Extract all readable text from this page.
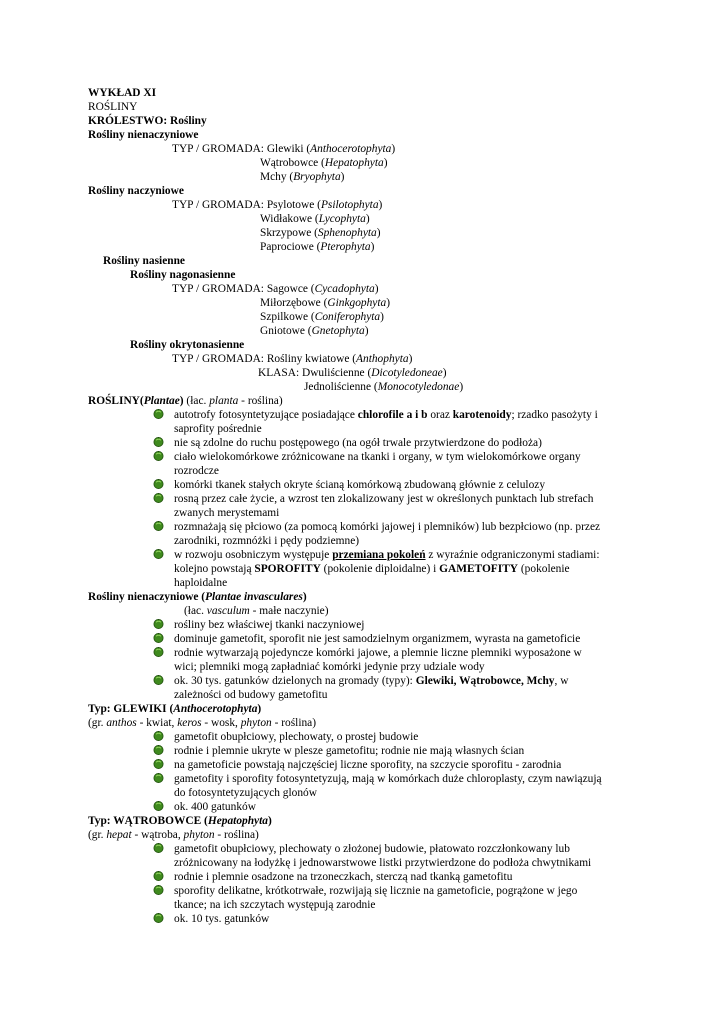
WYKŁAD XI
ROŚLINY
KRÓLESTWO: Rośliny
Rośliny nienaczyniowe
TYP / GROMADA: Glewiki (Anthocerotophyta)
Wątrobowce (Hepatophyta)
Mchy (Bryophyta)
Rośliny naczyniowe
TYP / GROMADA: Psylotowe (Psilotophyta)
Widłakowe (Lycophyta)
Skrzypowe (Sphenophyta)
Paprociowe (Pterophyta)
Rośliny nasienne
Rośliny nagonasienne
TYP / GROMADA: Sagowce (Cycadophyta)
Miłorzębowe (Ginkgophyta)
Szpilkowe (Coniferophyta)
Gniotowe (Gnetophyta)
Rośliny okrytonasienne
TYP / GROMADA: Rośliny kwiatowe (Anthophyta)
KLASA: Dwuliścienne (Dicotyledoneae)
Jednoliścienne (Monocotyledonae)
ROŚLINY(Plantae) (łac. planta - roślina)
autotrofy fotosyntetyzujące posiadające chlorofile a i b oraz karotenoidy; rzadko pasożyty i
saprofity pośrednie
nie są zdolne do ruchu postępowego (na ogół trwale przytwierdzone do podłoża)
ciało wielokomórkowe zróżnicowane na tkanki i organy, w tym wielokomórkowe organy
rozrodcze
komórki tkanek stałych okryte ścianą komórkową zbudowaną głównie z celulozy
rosną przez całe życie, a wzrost ten zlokalizowany jest w określonych punktach lub strefach
zwanych merystemami
rozmnażają się płciowo (za pomocą komórki jajowej i plemników) lub bezpłciowo (np. przez
zarodniki, rozmnóżki i pędy podziemne)
w rozwoju osobniczym występuje przemiana pokoleń z wyraźnie odgraniczonymi stadiami:
kolejno powstają SPOROFITY (pokolenie diploidalne) i GAMETOFITY (pokolenie
haploidalne
Rośliny nienaczyniowe (Plantae invasculares)
(łac. vasculum - małe naczynie)
rośliny bez właściwej tkanki naczyniowej
dominuje gametofit, sporofit nie jest samodzielnym organizmem, wyrasta na gametoficie
rodnie wytwarzają pojedyncze komórki jajowe, a plemnie liczne plemniki wyposażone w
wici; plemniki mogą zapładniać komórki jedynie przy udziale wody
ok. 30 tys. gatunków dzielonych na gromady (typy): Glewiki, Wątrobowce, Mchy, w
zależności od budowy gametofitu
Typ: GLEWIKI (Anthocerotophyta)
(gr. anthos - kwiat, keros - wosk, phyton - roślina)
gametofit obupłciowy, plechowaty, o prostej budowie
rodnie i plemnie ukryte w plesze gametofitu; rodnie nie mają własnych ścian
na gametoficie powstają najczęściej liczne sporofity, na szczycie sporofitu - zarodnia
gametofity i sporofity fotosyntetyzują, mają w komórkach duże chloroplasty, czym nawiązują
do fotosyntetyzujących glonów
ok. 400 gatunków
Typ: WĄTROBOWCE (Hepatophyta)
(gr. hepat - wątroba, phyton - roślina)
gametofit obupłciowy, plechowaty o złożonej budowie, płatowato rozczłonkowany lub
zróżnicowany na łodyżkę i jednowarstwowe listki przytwierdzone do podłoża chwytnikami
rodnie i plemnie osadzone na trzoneczkach, sterczą nad tkanką gametofitu
sporofity delikatne, krótkotrwałe, rozwijają się licznie na gametoficie, pogrążone w jego
tkance; na ich szczytach występują zarodnie
ok. 10 tys. gatunków
